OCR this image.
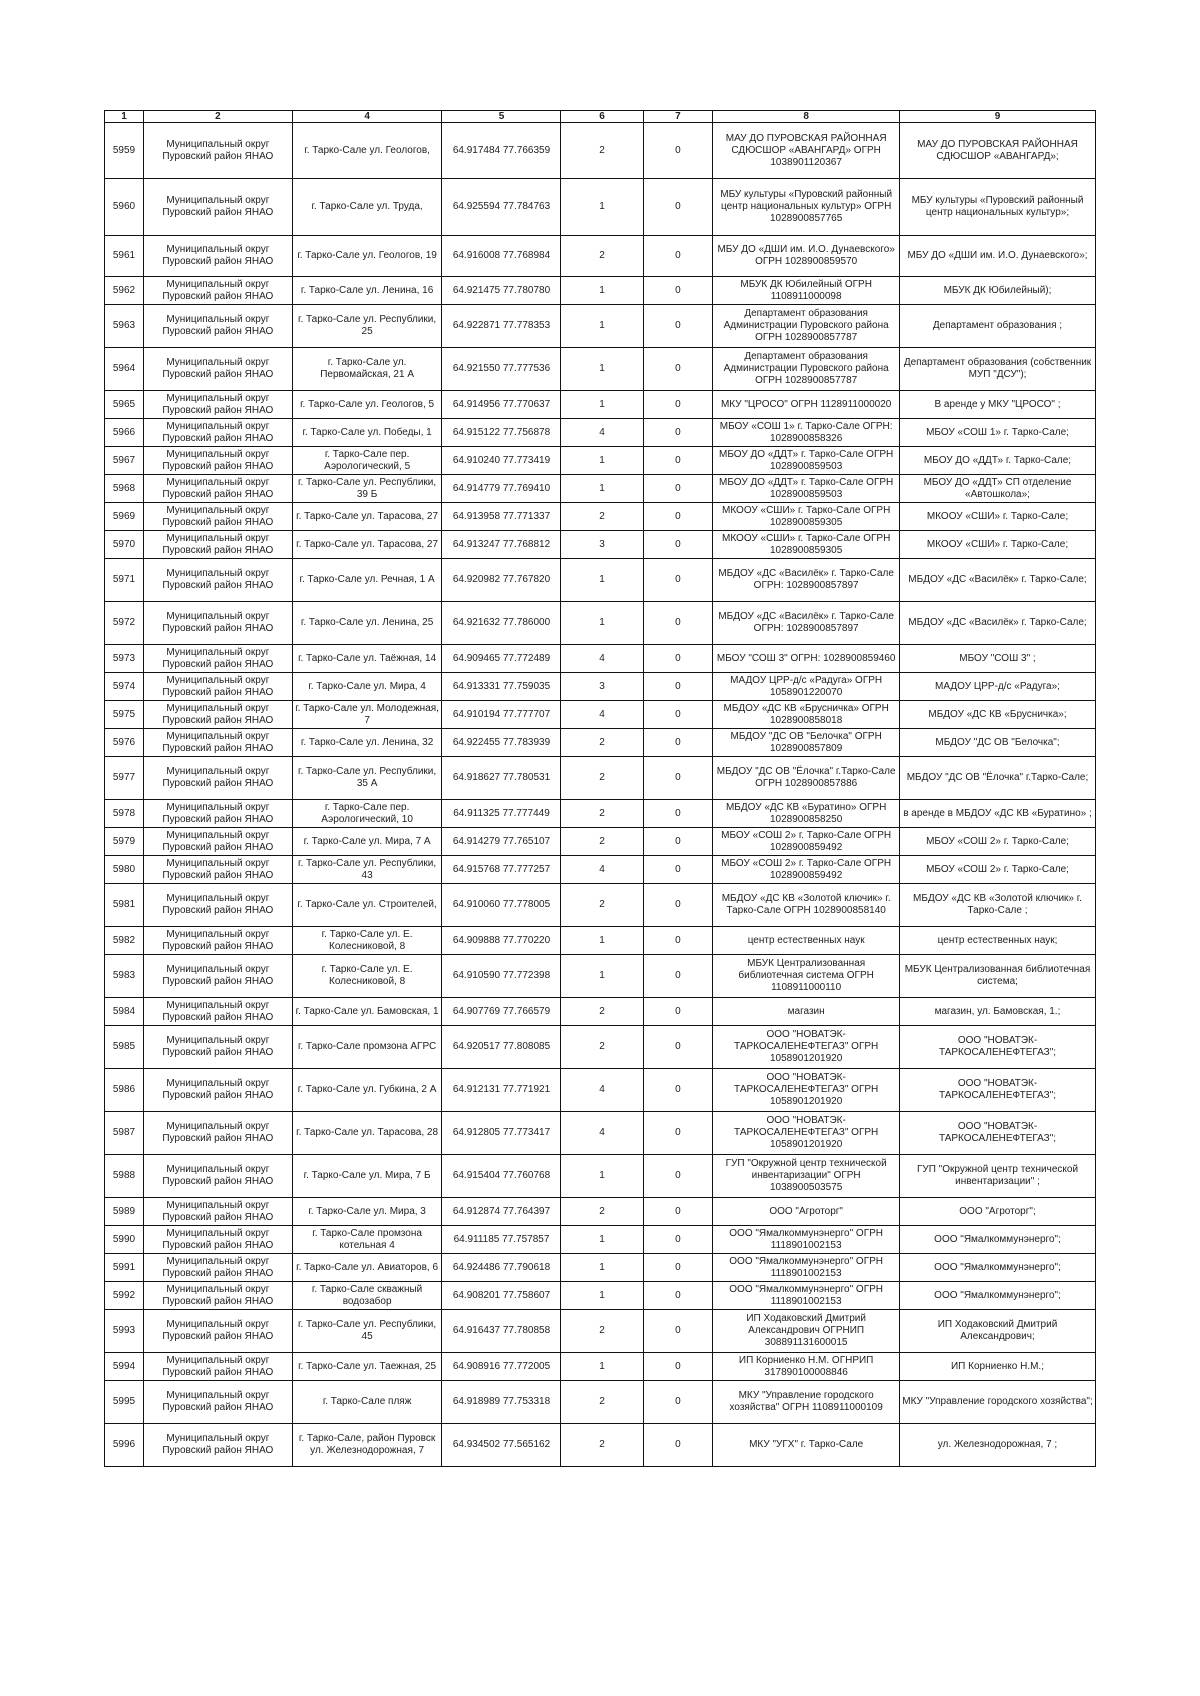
1	2	4	5	6	7	8	9
5959	Муниципальный округ Пуровский район ЯНАО	г. Тарко-Сале ул. Геологов,	64.917484 77.766359	2	0	МАУ ДО ПУРОВСКАЯ РАЙОННАЯ СДЮСШОР «АВАНГАРД» ОГРН 1038901120367	МАУ ДО ПУРОВСКАЯ РАЙОННАЯ СДЮСШОР «АВАНГАРД»;
5960	Муниципальный округ Пуровский район ЯНАО	г. Тарко-Сале ул. Труда,	64.925594 77.784763	1	0	МБУ культуры «Пуровский районный центр национальных культур» ОГРН 1028900857765	МБУ культуры «Пуровский районный центр национальных культур»;
5961	Муниципальный округ Пуровский район ЯНАО	г. Тарко-Сале ул. Геологов, 19	64.916008 77.768984	2	0	МБУ ДО «ДШИ им. И.О. Дунаевского» ОГРН 1028900859570	МБУ ДО «ДШИ им. И.О. Дунаевского»;
5962	Муниципальный округ Пуровский район ЯНАО	г. Тарко-Сале ул. Ленина, 16	64.921475 77.780780	1	0	МБУК ДК Юбилейный ОГРН 1108911000098	МБУК ДК Юбилейный);
5963	Муниципальный округ Пуровский район ЯНАО	г. Тарко-Сале ул. Республики, 25	64.922871 77.778353	1	0	Департамент образования Администрации Пуровского района ОГРН 1028900857787	Департамент образования ;
5964	Муниципальный округ Пуровский район ЯНАО	г. Тарко-Сале ул. Первомайская, 21 А	64.921550 77.777536	1	0	Департамент образования Администрации Пуровского района ОГРН 1028900857787	Департамент образования (собственник МУП "ДСУ");
5965	Муниципальный округ Пуровский район ЯНАО	г. Тарко-Сале ул. Геологов, 5	64.914956 77.770637	1	0	МКУ "ЦРОСО" ОГРН 1128911000020	В аренде у МКУ "ЦРОСО" ;
5966	Муниципальный округ Пуровский район ЯНАО	г. Тарко-Сале ул. Победы, 1	64.915122 77.756878	4	0	МБОУ «СОШ 1» г. Тарко-Сале ОГРН: 1028900858326	МБОУ «СОШ 1» г. Тарко-Сале;
5967	Муниципальный округ Пуровский район ЯНАО	г. Тарко-Сале пер. Аэрологический, 5	64.910240 77.773419	1	0	МБОУ ДО «ДДТ» г. Тарко-Сале ОГРН 1028900859503	МБОУ ДО «ДДТ» г. Тарко-Сале;
5968	Муниципальный округ Пуровский район ЯНАО	г. Тарко-Сале ул. Республики, 39 Б	64.914779 77.769410	1	0	МБОУ ДО «ДДТ» г. Тарко-Сале ОГРН 1028900859503	МБОУ ДО «ДДТ» СП отделение «Автошкола»;
5969	Муниципальный округ Пуровский район ЯНАО	г. Тарко-Сале ул. Тарасова, 27	64.913958 77.771337	2	0	МКООУ «СШИ» г. Тарко-Сале ОГРН 1028900859305	МКООУ «СШИ» г. Тарко-Сале;
5970	Муниципальный округ Пуровский район ЯНАО	г. Тарко-Сале ул. Тарасова, 27	64.913247 77.768812	3	0	МКООУ «СШИ» г. Тарко-Сале ОГРН 1028900859305	МКООУ «СШИ» г. Тарко-Сале;
5971	Муниципальный округ Пуровский район ЯНАО	г. Тарко-Сале ул. Речная, 1 А	64.920982 77.767820	1	0	МБДОУ «ДС «Василёк» г. Тарко-Сале ОГРН: 1028900857897	МБДОУ «ДС «Василёк» г. Тарко-Сале;
5972	Муниципальный округ Пуровский район ЯНАО	г. Тарко-Сале ул. Ленина, 25	64.921632 77.786000	1	0	МБДОУ «ДС «Василёк» г. Тарко-Сале ОГРН: 1028900857897	МБДОУ «ДС «Василёк» г. Тарко-Сале;
5973	Муниципальный округ Пуровский район ЯНАО	г. Тарко-Сале ул. Таёжная, 14	64.909465 77.772489	4	0	МБОУ "СОШ 3" ОГРН: 1028900859460	МБОУ "СОШ 3" ;
5974	Муниципальный округ Пуровский район ЯНАО	г. Тарко-Сале ул. Мира, 4	64.913331 77.759035	3	0	МАДОУ ЦРР-д/с «Радуга» ОГРН 1058901220070	МАДОУ ЦРР-д/с «Радуга»;
5975	Муниципальный округ Пуровский район ЯНАО	г. Тарко-Сале ул. Молодежная, 7	64.910194 77.777707	4	0	МБДОУ «ДС КВ «Брусничка» ОГРН 1028900858018	МБДОУ «ДС КВ «Брусничка»;
5976	Муниципальный округ Пуровский район ЯНАО	г. Тарко-Сале ул. Ленина, 32	64.922455 77.783939	2	0	МБДОУ "ДС ОВ "Белочка" ОГРН 1028900857809	МБДОУ "ДС ОВ "Белочка";
5977	Муниципальный округ Пуровский район ЯНАО	г. Тарко-Сале ул. Республики, 35 А	64.918627 77.780531	2	0	МБДОУ "ДС ОВ "Ёлочка" г.Тарко-Сале ОГРН 1028900857886	МБДОУ "ДС ОВ "Ёлочка" г.Тарко-Сале;
5978	Муниципальный округ Пуровский район ЯНАО	г. Тарко-Сале пер. Аэрологический, 10	64.911325 77.777449	2	0	МБДОУ «ДС КВ «Буратино» ОГРН 1028900858250	в аренде в МБДОУ «ДС КВ «Буратино» ;
5979	Муниципальный округ Пуровский район ЯНАО	г. Тарко-Сале ул. Мира, 7 А	64.914279 77.765107	2	0	МБОУ «СОШ 2» г. Тарко-Сале ОГРН 1028900859492	МБОУ «СОШ 2» г. Тарко-Сале;
5980	Муниципальный округ Пуровский район ЯНАО	г. Тарко-Сале ул. Республики, 43	64.915768 77.777257	4	0	МБОУ «СОШ 2» г. Тарко-Сале ОГРН 1028900859492	МБОУ «СОШ 2» г. Тарко-Сале;
5981	Муниципальный округ Пуровский район ЯНАО	г. Тарко-Сале ул. Строителей,	64.910060 77.778005	2	0	МБДОУ «ДС КВ «Золотой ключик» г. Тарко-Сале ОГРН 1028900858140	МБДОУ «ДС КВ «Золотой ключик» г. Тарко-Сале ;
5982	Муниципальный округ Пуровский район ЯНАО	г. Тарко-Сале ул. Е. Колесниковой, 8	64.909888 77.770220	1	0	центр естественных наук	центр естественных наук;
5983	Муниципальный округ Пуровский район ЯНАО	г. Тарко-Сале ул. Е. Колесниковой, 8	64.910590 77.772398	1	0	МБУК Централизованная библиотечная система ОГРН 1108911000110	МБУК Централизованная библиотечная система;
5984	Муниципальный округ Пуровский район ЯНАО	г. Тарко-Сале ул. Бамовская, 1	64.907769 77.766579	2	0	магазин	магазин, ул. Бамовская, 1.;
5985	Муниципальный округ Пуровский район ЯНАО	г. Тарко-Сале промзона АГРС	64.920517 77.808085	2	0	ООО "НОВАТЭК-ТАРКОСАЛЕНЕФТЕГАЗ" ОГРН 1058901201920	ООО "НОВАТЭК-ТАРКОСАЛЕНЕФТЕГАЗ";
5986	Муниципальный округ Пуровский район ЯНАО	г. Тарко-Сале ул. Губкина, 2 А	64.912131 77.771921	4	0	ООО "НОВАТЭК-ТАРКОСАЛЕНЕФТЕГАЗ" ОГРН 1058901201920	ООО "НОВАТЭК-ТАРКОСАЛЕНЕФТЕГАЗ";
5987	Муниципальный округ Пуровский район ЯНАО	г. Тарко-Сале ул. Тарасова, 28	64.912805 77.773417	4	0	ООО "НОВАТЭК-ТАРКОСАЛЕНЕФТЕГАЗ" ОГРН 1058901201920	ООО "НОВАТЭК-ТАРКОСАЛЕНЕФТЕГАЗ";
5988	Муниципальный округ Пуровский район ЯНАО	г. Тарко-Сале ул. Мира, 7 Б	64.915404 77.760768	1	0	ГУП "Окружной центр технической инвентаризации" ОГРН 1038900503575	ГУП "Окружной центр технической инвентаризации" ;
5989	Муниципальный округ Пуровский район ЯНАО	г. Тарко-Сале ул. Мира, 3	64.912874 77.764397	2	0	ООО "Агроторг"	ООО "Агроторг";
5990	Муниципальный округ Пуровский район ЯНАО	г. Тарко-Сале промзона котельная 4	64.911185 77.757857	1	0	ООО "Ямалкоммунэнерго" ОГРН 1118901002153	ООО "Ямалкоммунэнерго";
5991	Муниципальный округ Пуровский район ЯНАО	г. Тарко-Сале ул. Авиаторов, 6	64.924486 77.790618	1	0	ООО "Ямалкоммунэнерго" ОГРН 1118901002153	ООО "Ямалкоммунэнерго";
5992	Муниципальный округ Пуровский район ЯНАО	г. Тарко-Сале скважный водозабор	64.908201 77.758607	1	0	ООО "Ямалкоммунэнерго" ОГРН 1118901002153	ООО "Ямалкоммунэнерго";
5993	Муниципальный округ Пуровский район ЯНАО	г. Тарко-Сале ул. Республики, 45	64.916437 77.780858	2	0	ИП Ходаковский Дмитрий Александрович ОГРНИП 308891131600015	ИП Ходаковский Дмитрий Александрович;
5994	Муниципальный округ Пуровский район ЯНАО	г. Тарко-Сале ул. Таежная, 25	64.908916 77.772005	1	0	ИП Корниенко Н.М. ОГНРИП 317890100008846	ИП Корниенко Н.М.;
5995	Муниципальный округ Пуровский район ЯНАО	г. Тарко-Сале пляж	64.918989 77.753318	2	0	МКУ "Управление городского хозяйства" ОГРН 1108911000109	МКУ "Управление городского хозяйства";
5996	Муниципальный округ Пуровский район ЯНАО	г. Тарко-Сале, район Пуровск ул. Железнодорожная, 7	64.934502 77.565162	2	0	МКУ "УГХ" г. Тарко-Сале	ул. Железнодорожная, 7 ;
